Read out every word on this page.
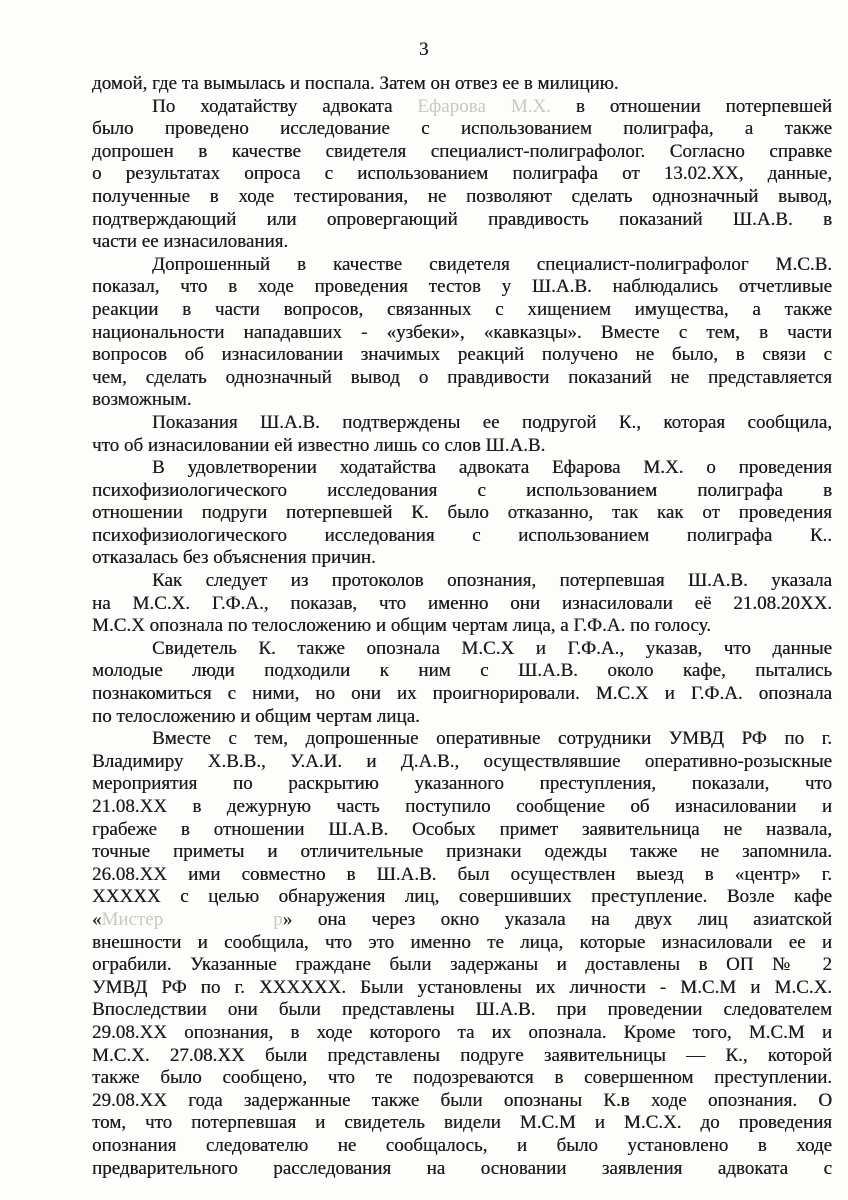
3
домой, где та вымылась и поспала. Затем он отвез ее в милицию.
По ходатайству адвоката Ефарова М.Х. в отношении потерпевшей
было проведено исследование с использованием полиграфа, а также
допрошен в качестве свидетеля специалист-полиграфолог. Согласно справке
о результатах опроса с использованием полиграфа от 13.02.ХХ, данные,
полученные в ходе тестирования, не позволяют сделать однозначный вывод,
подтверждающий или опровергающий правдивость показаний Ш.А.В. в
части ее изнасилования.
Допрошенный в качестве свидетеля специалист-полиграфолог М.С.В.
показал, что в ходе проведения тестов у Ш.А.В. наблюдались отчетливые
реакции в части вопросов, связанных с хищением имущества, а также
национальности нападавших - «узбеки», «кавказцы». Вместе с тем, в части
вопросов об изнасиловании значимых реакций получено не было, в связи с
чем, сделать однозначный вывод о правдивости показаний не представляется
возможным.
Показания Ш.А.В. подтверждены ее подругой К., которая сообщила,
что об изнасиловании ей известно лишь со слов Ш.А.В.
В удовлетворении ходатайства адвоката Ефарова М.Х. о проведения
психофизиологического исследования с использованием полиграфа в
отношении подруги потерпевшей К. было отказанно, так как от проведения
психофизиологического исследования с использованием полиграфа К..
отказалась без объяснения причин.
Как следует из протоколов опознания, потерпевшая Ш.А.В. указала
на М.С.Х. Г.Ф.А., показав, что именно они изнасиловали её 21.08.20ХХ.
М.С.Х опознала по телосложению и общим чертам лица, а Г.Ф.А. по голосу.
Свидетель К. также опознала М.С.Х и Г.Ф.А., указав, что данные
молодые люди подходили к ним с Ш.А.В. около кафе, пытались
познакомиться с ними, но они их проигнорировали. М.С.Х и Г.Ф.А. опознала
по телосложению и общим чертам лица.
Вместе с тем, допрошенные оперативные сотрудники УМВД РФ по г.
Владимиру Х.В.В., У.А.И. и Д.А.В., осуществлявшие оперативно-розыскные
мероприятия по раскрытию указанного преступления, показали, что
21.08.ХХ в дежурную часть поступило сообщение об изнасиловании и
грабеже в отношении Ш.А.В. Особых примет заявительница не назвала,
точные приметы и отличительные признаки одежды также не запомнила.
26.08.ХХ ими совместно в Ш.А.В. был осуществлен выезд в «центр» г.
ХХХХХ с целью обнаружения лиц, совершивших преступление. Возле кафе
«Мистер	р» она через окно указала на двух лиц азиатской
внешности и сообщила, что это именно те лица, которые изнасиловали ее и
ограбили. Указанные граждане были задержаны и доставлены в ОП № 2
УМВД РФ по г. ХХХХХХ. Были установлены их личности - М.С.М и М.С.Х.
Впоследствии они были представлены Ш.А.В. при проведении следователем
29.08.ХХ опознания, в ходе которого та их опознала. Кроме того, М.С.М и
М.С.Х. 27.08.ХХ были представлены подруге заявительницы — К., которой
также было сообщено, что те подозреваются в совершенном преступлении.
29.08.ХХ года задержанные также были опознаны К.в ходе опознания. О
том, что потерпевшая и свидетель видели М.С.М и М.С.Х. до проведения
опознания следователю не сообщалось, и было установлено в ходе
предварительного расследования на основании заявления адвоката с
